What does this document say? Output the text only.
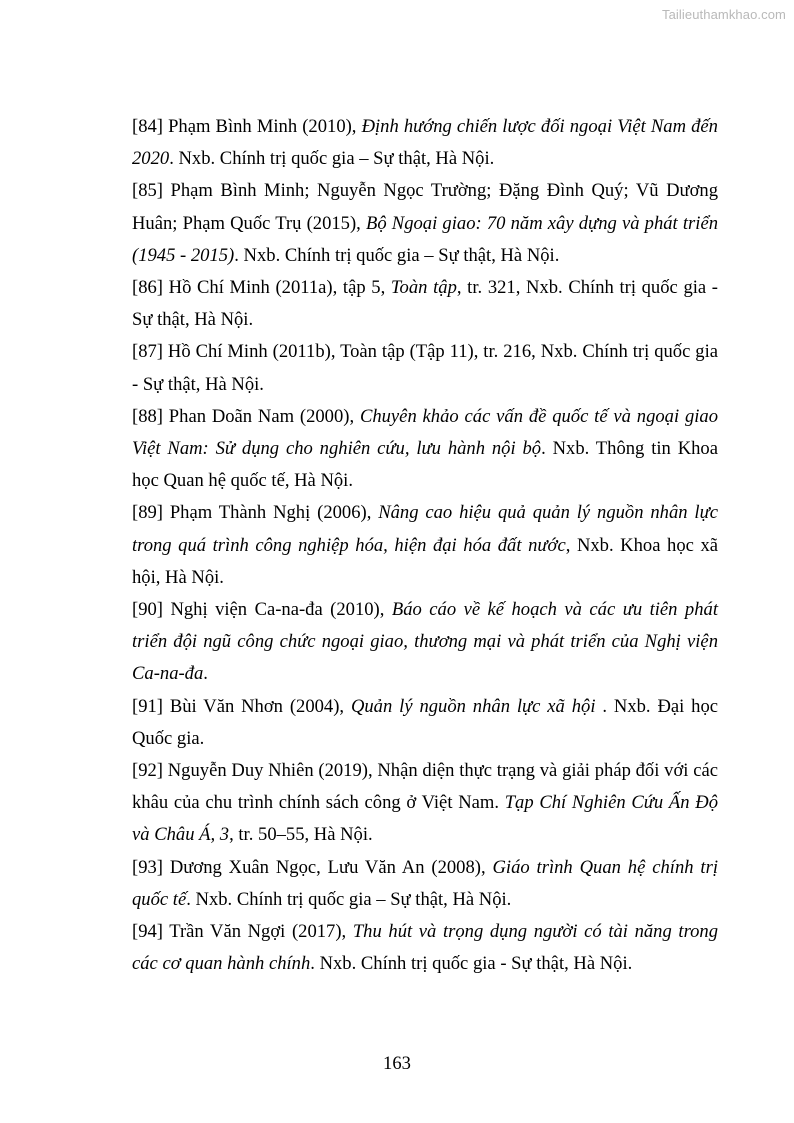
Tailieuthamkhao.com

[84] Phạm Bình Minh (2010), Định hướng chiến lược đối ngoại Việt Nam đến 2020. Nxb. Chính trị quốc gia – Sự thật, Hà Nội.

[85] Phạm Bình Minh; Nguyễn Ngọc Trường; Đặng Đình Quý; Vũ Dương Huân; Phạm Quốc Trụ (2015), Bộ Ngoại giao: 70 năm xây dựng và phát triển (1945 - 2015). Nxb. Chính trị quốc gia – Sự thật, Hà Nội.

[86] Hồ Chí Minh (2011a), tập 5, Toàn tập, tr. 321, Nxb. Chính trị quốc gia - Sự thật, Hà Nội.

[87] Hồ Chí Minh (2011b), Toàn tập (Tập 11), tr. 216, Nxb. Chính trị quốc gia - Sự thật, Hà Nội.

[88] Phan Doãn Nam (2000), Chuyên khảo các vấn đề quốc tế và ngoại giao Việt Nam: Sử dụng cho nghiên cứu, lưu hành nội bộ. Nxb. Thông tin Khoa học Quan hệ quốc tế, Hà Nội.

[89] Phạm Thành Nghị (2006), Nâng cao hiệu quả quản lý nguồn nhân lực trong quá trình công nghiệp hóa, hiện đại hóa đất nước, Nxb. Khoa học xã hội, Hà Nội.

[90] Nghị viện Ca-na-đa (2010), Báo cáo về kế hoạch và các ưu tiên phát triển đội ngũ công chức ngoại giao, thương mại và phát triển của Nghị viện Ca-na-đa.

[91] Bùi Văn Nhơn (2004), Quản lý nguồn nhân lực xã hội . Nxb. Đại học Quốc gia.

[92] Nguyễn Duy Nhiên (2019), Nhận diện thực trạng và giải pháp đối với các khâu của chu trình chính sách công ở Việt Nam. Tạp Chí Nghiên Cứu Ấn Độ và Châu Á, 3, tr. 50–55, Hà Nội.

[93] Dương Xuân Ngọc, Lưu Văn An (2008), Giáo trình Quan hệ chính trị quốc tế. Nxb. Chính trị quốc gia – Sự thật, Hà Nội.

[94] Trần Văn Ngợi (2017), Thu hút và trọng dụng người có tài năng trong các cơ quan hành chính. Nxb. Chính trị quốc gia - Sự thật, Hà Nội.

163
